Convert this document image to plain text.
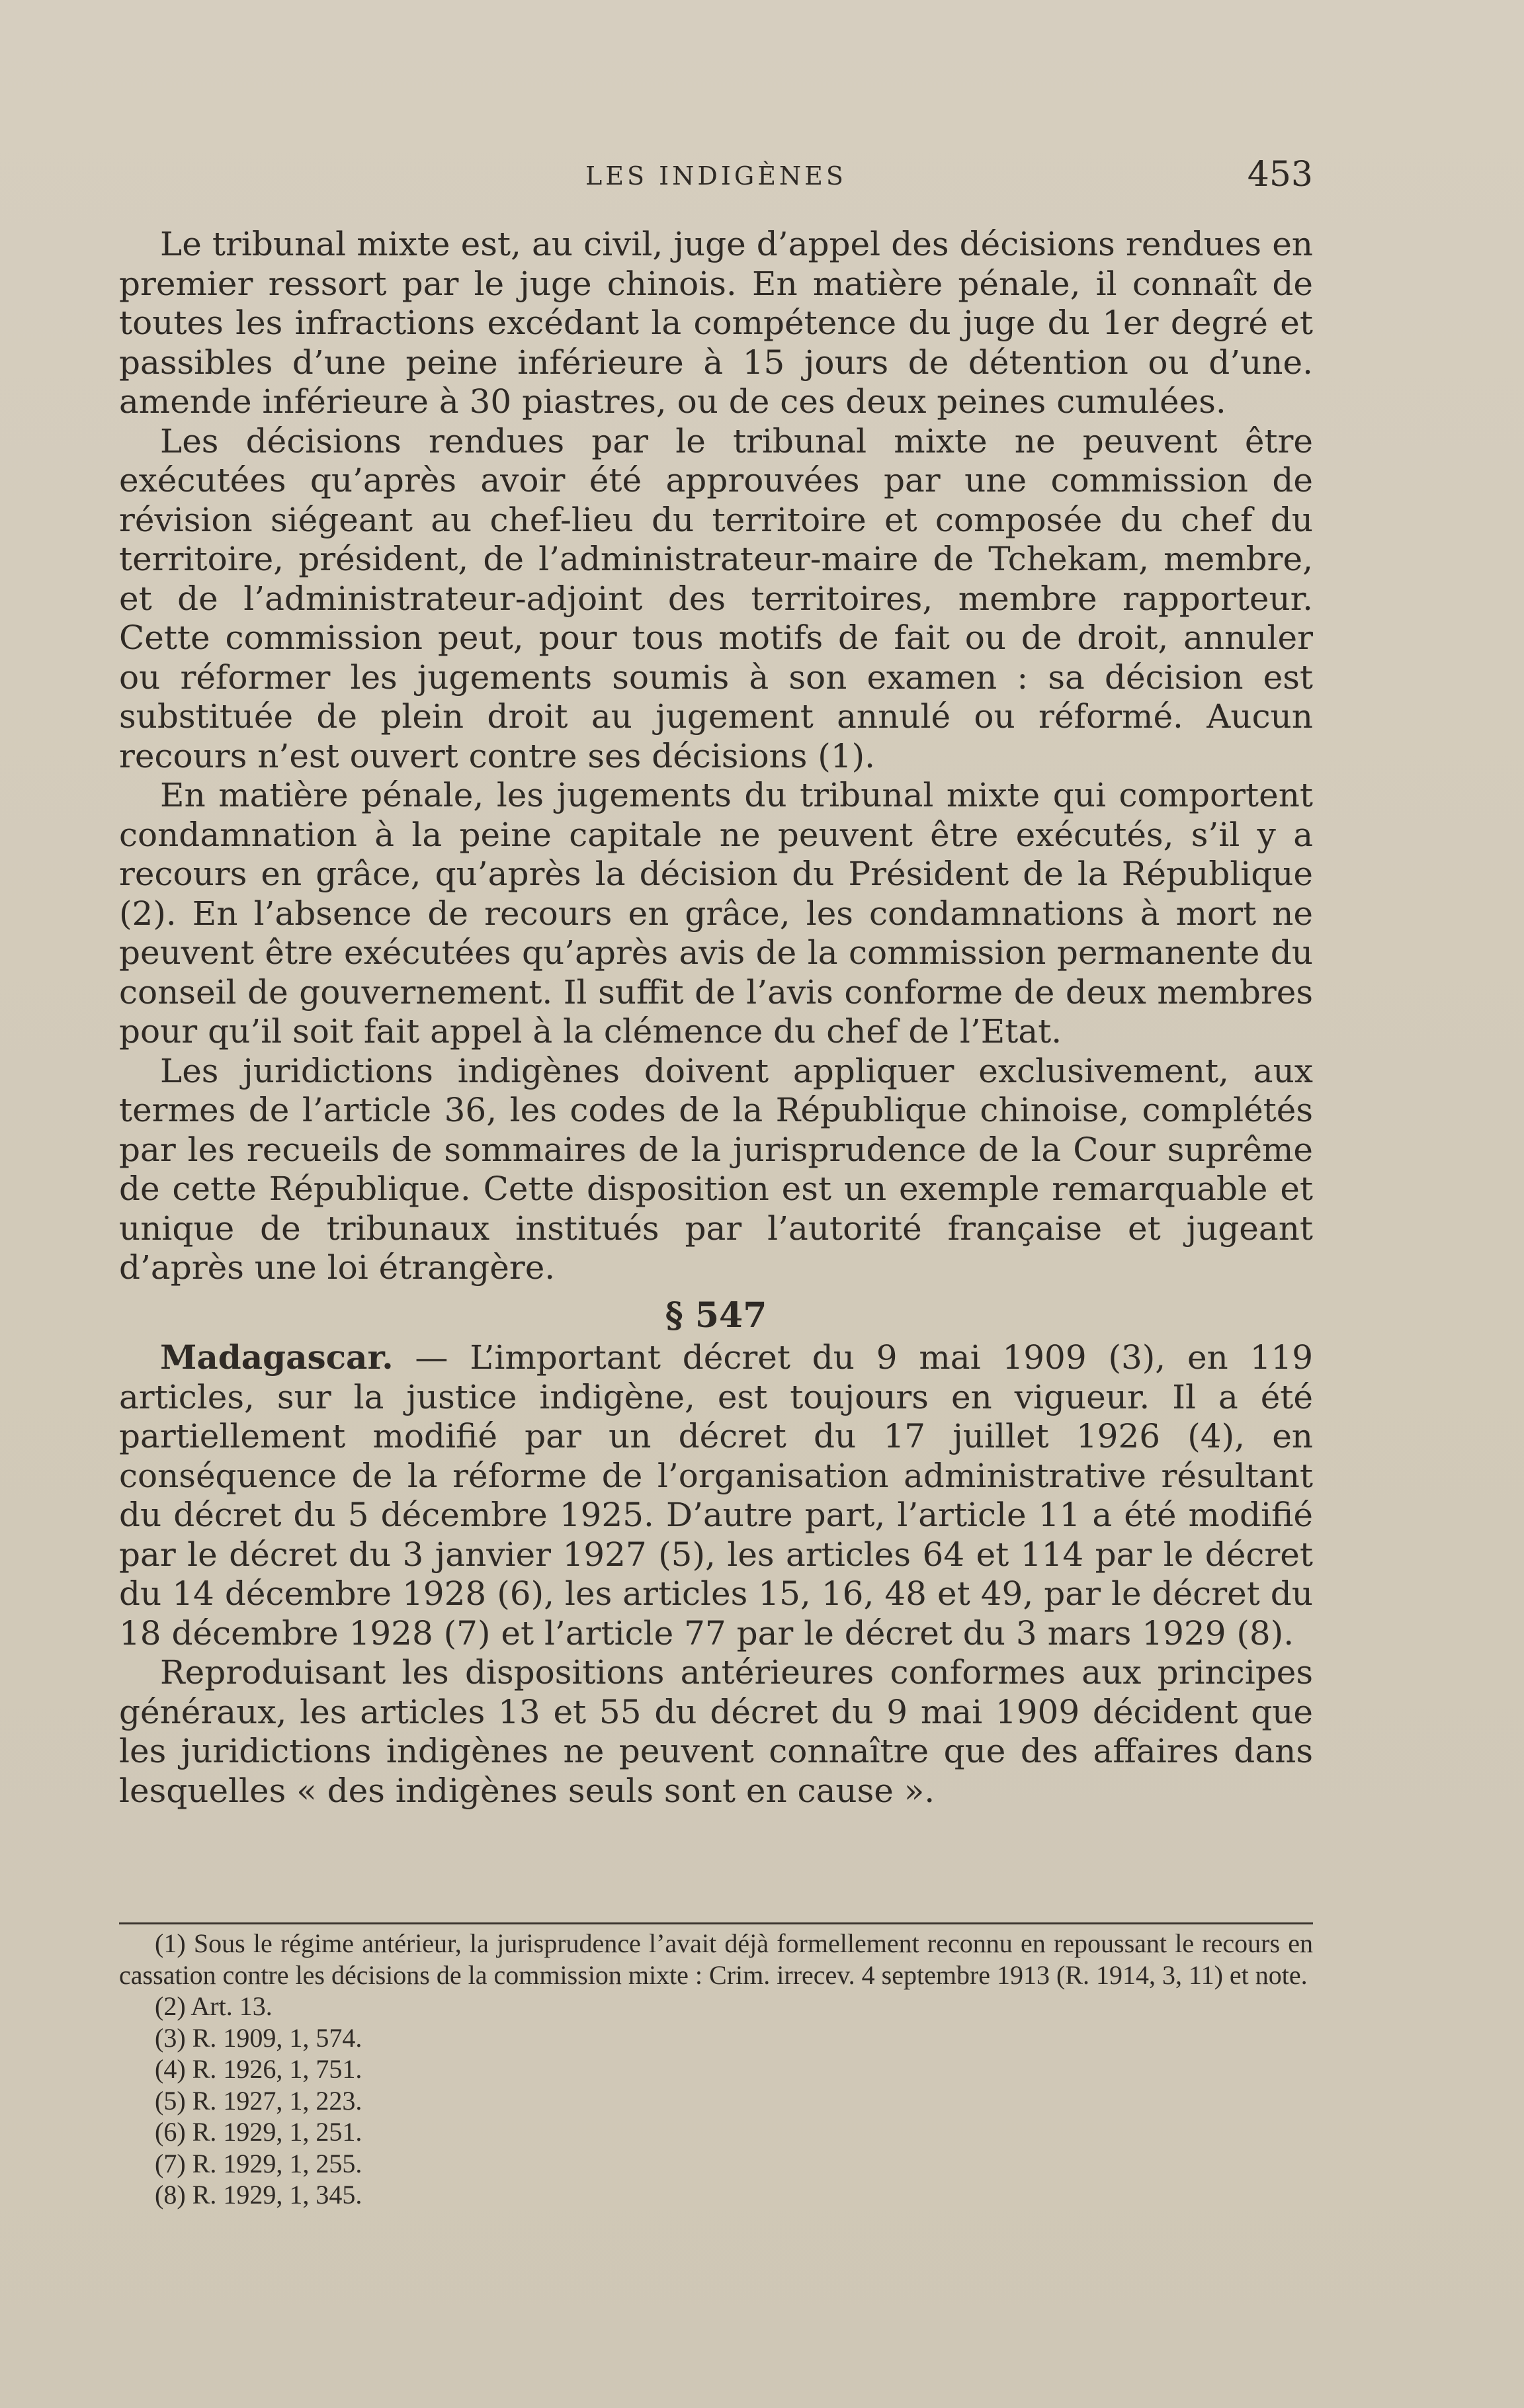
LES INDIGÈNES	453

Le tribunal mixte est, au civil, juge d’appel des décisions rendues en premier ressort par le juge chinois. En matière pénale, il connaît de toutes les infractions excédant la compétence du juge du 1er degré et passibles d’une peine inférieure à 15 jours de détention ou d’une. amende inférieure à 30 piastres, ou de ces deux peines cumulées.

Les décisions rendues par le tribunal mixte ne peuvent être exécutées qu’après avoir été approuvées par une commission de révision siégeant au chef-lieu du territoire et composée du chef du territoire, président, de l’administrateur-maire de Tchekam, membre, et de l’administrateur-adjoint des territoires, membre rapporteur. Cette commission peut, pour tous motifs de fait ou de droit, annuler ou réformer les jugements soumis à son examen : sa décision est substituée de plein droit au jugement annulé ou réformé. Aucun recours n’est ouvert contre ses décisions (1).

En matière pénale, les jugements du tribunal mixte qui comportent condamnation à la peine capitale ne peuvent être exécutés, s’il y a recours en grâce, qu’après la décision du Président de la République (2). En l’absence de recours en grâce, les condamnations à mort ne peuvent être exécutées qu’après avis de la commission permanente du conseil de gouvernement. Il suffit de l’avis conforme de deux membres pour qu’il soit fait appel à la clémence du chef de l’Etat.

Les juridictions indigènes doivent appliquer exclusivement, aux termes de l’article 36, les codes de la République chinoise, complétés par les recueils de sommaires de la jurisprudence de la Cour suprême de cette République. Cette disposition est un exemple remarquable et unique de tribunaux institués par l’autorité française et jugeant d’après une loi étrangère.

§ 547

Madagascar. — L’important décret du 9 mai 1909 (3), en 119 articles, sur la justice indigène, est toujours en vigueur. Il a été partiellement modifié par un décret du 17 juillet 1926 (4), en conséquence de la réforme de l’organisation administrative résultant du décret du 5 décembre 1925. D’autre part, l’article 11 a été modifié par le décret du 3 janvier 1927 (5), les articles 64 et 114 par le décret du 14 décembre 1928 (6), les articles 15, 16, 48 et 49, par le décret du 18 décembre 1928 (7) et l’article 77 par le décret du 3 mars 1929 (8).

Reproduisant les dispositions antérieures conformes aux principes généraux, les articles 13 et 55 du décret du 9 mai 1909 décident que les juridictions indigènes ne peuvent connaître que des affaires dans lesquelles « des indigènes seuls sont en cause ».

(1) Sous le régime antérieur, la jurisprudence l’avait déjà formellement reconnu en repoussant le recours en cassation contre les décisions de la commission mixte : Crim. irrecev. 4 septembre 1913 (R. 1914, 3, 11) et note.

(2) Art. 13.

(3) R. 1909, 1, 574.

(4) R. 1926, 1, 751.

(5) R. 1927, 1, 223.

(6) R. 1929, 1, 251.

(7) R. 1929, 1, 255.

(8) R. 1929, 1, 345.
